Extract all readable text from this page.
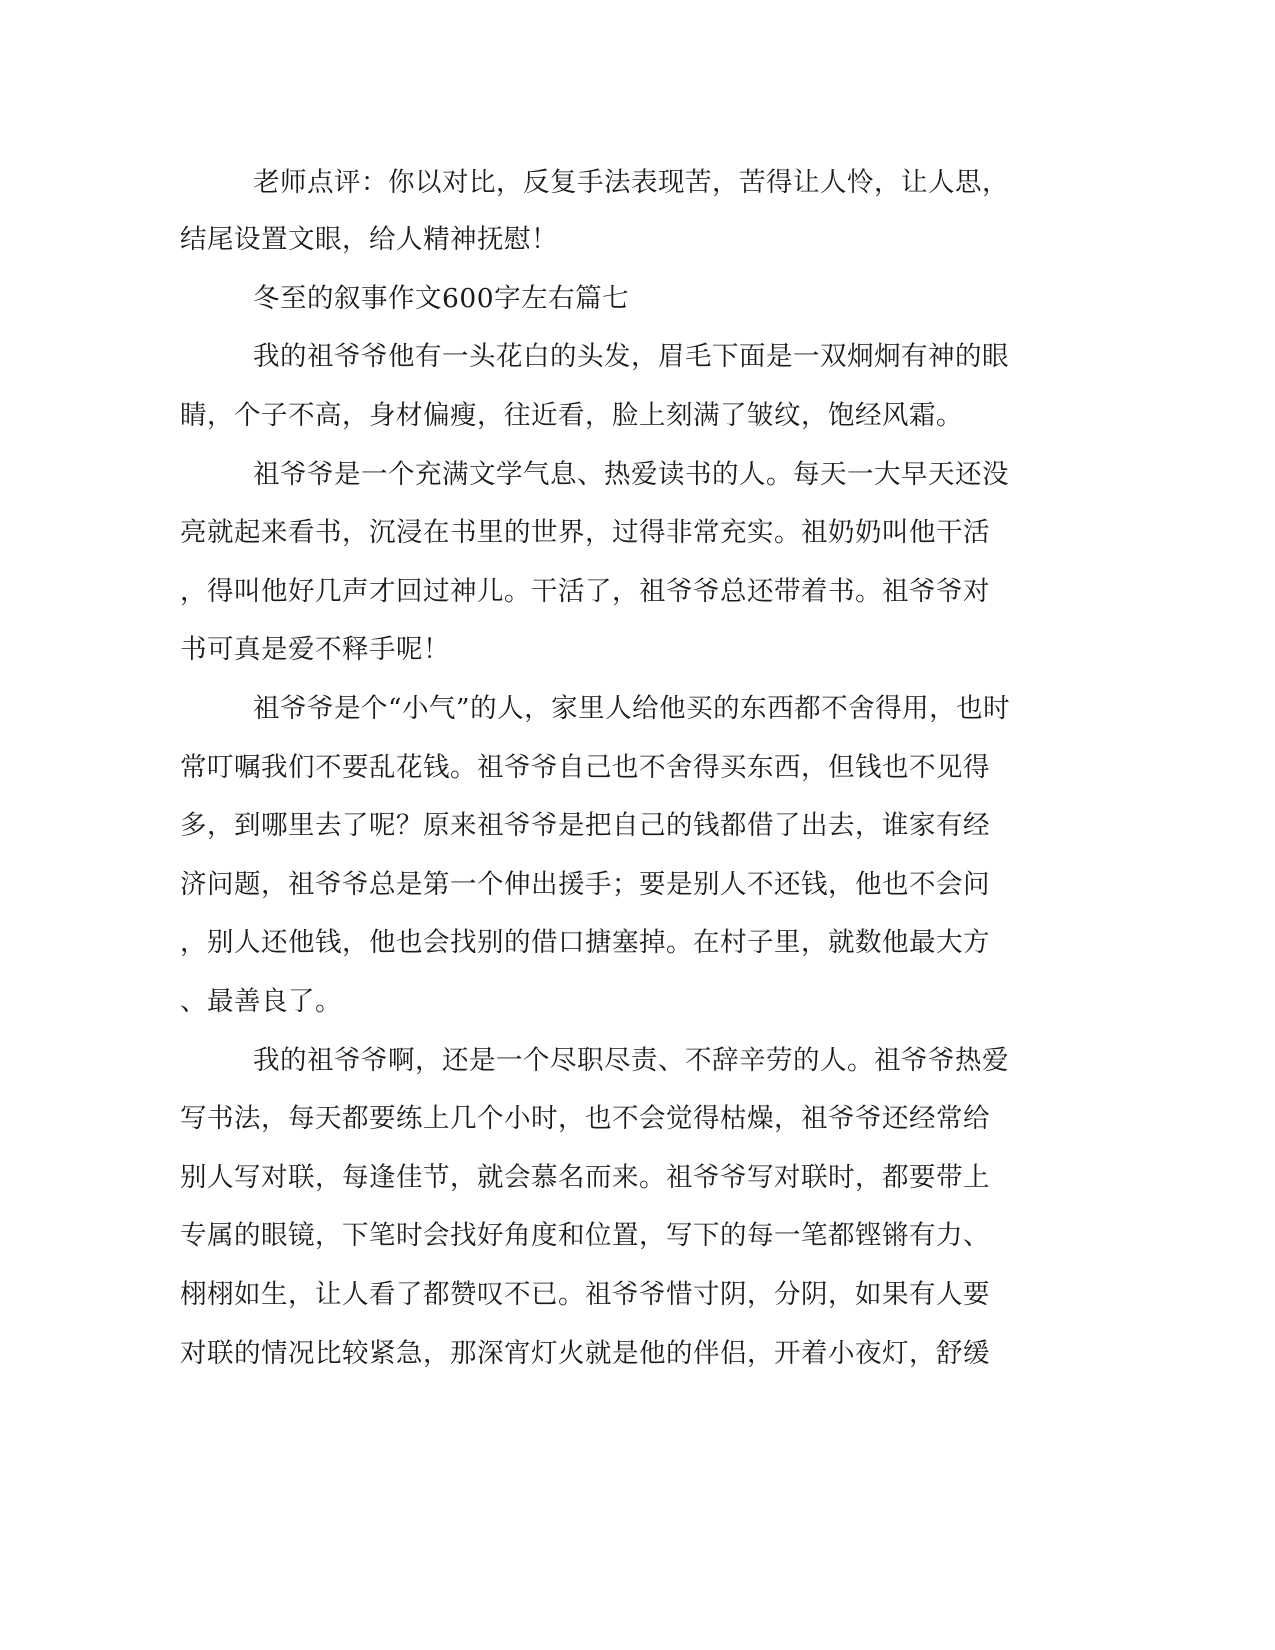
老师点评：你以对比，反复手法表现苦，苦得让人怜，让人思，
结尾设置文眼，给人精神抚慰！
冬至的叙事作文600字左右篇七
我的祖爷爷他有一头花白的头发，眉毛下面是一双炯炯有神的眼
睛，个子不高，身材偏瘦，往近看，脸上刻满了皱纹，饱经风霜。
祖爷爷是一个充满文学气息、热爱读书的人。每天一大早天还没
亮就起来看书，沉浸在书里的世界，过得非常充实。祖奶奶叫他干活
，得叫他好几声才回过神儿。干活了，祖爷爷总还带着书。祖爷爷对
书可真是爱不释手呢！
祖爷爷是个“小气”的人，家里人给他买的东西都不舍得用，也时
常叮嘱我们不要乱花钱。祖爷爷自己也不舍得买东西，但钱也不见得
多，到哪里去了呢？原来祖爷爷是把自己的钱都借了出去，谁家有经
济问题，祖爷爷总是第一个伸出援手；要是别人不还钱，他也不会问
，别人还他钱，他也会找别的借口搪塞掉。在村子里，就数他最大方
、最善良了。
我的祖爷爷啊，还是一个尽职尽责、不辞辛劳的人。祖爷爷热爱
写书法，每天都要练上几个小时，也不会觉得枯燥，祖爷爷还经常给
别人写对联，每逢佳节，就会慕名而来。祖爷爷写对联时，都要带上
专属的眼镜，下笔时会找好角度和位置，写下的每一笔都铿锵有力、
栩栩如生，让人看了都赞叹不已。祖爷爷惜寸阴，分阴，如果有人要
对联的情况比较紧急，那深宵灯火就是他的伴侣，开着小夜灯，舒缓
